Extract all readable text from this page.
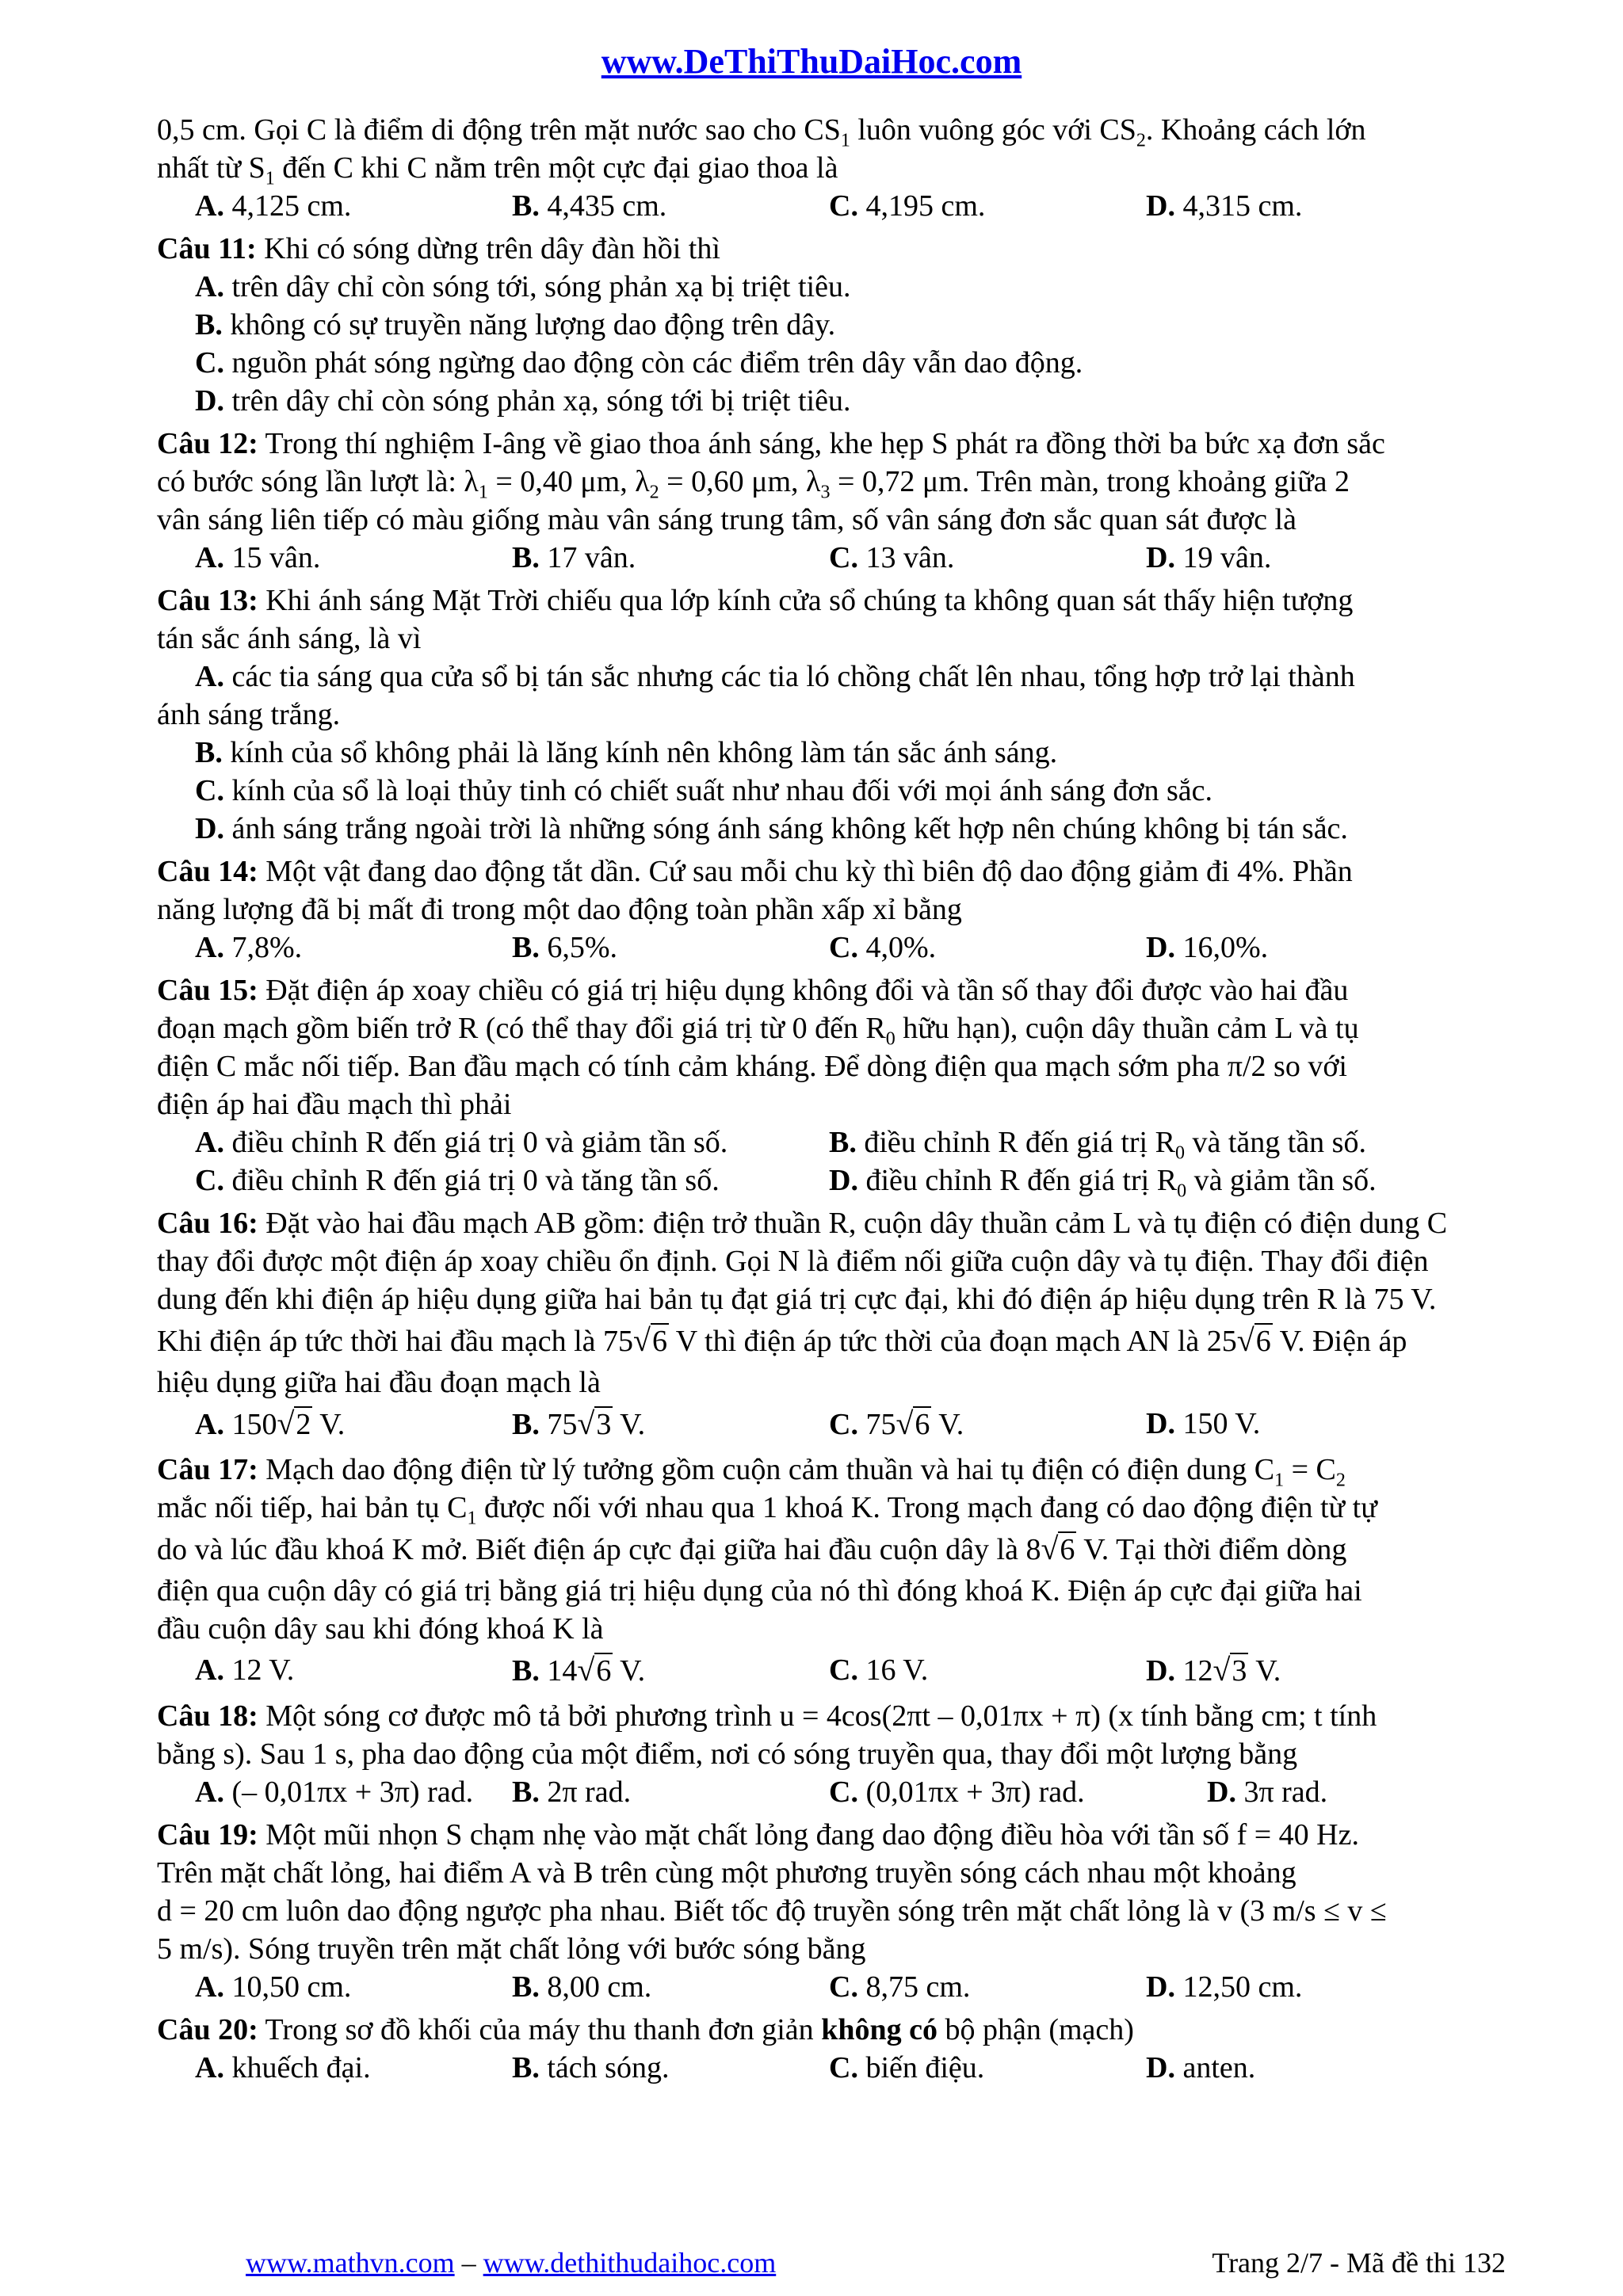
www.DeThiThuDaiHoc.com

0,5 cm. Gọi C là điểm di động trên mặt nước sao cho $CS_1$ luôn vuông góc với $CS_2$. Khoảng cách lớn

nhất từ $S_1$ đến C khi C nằm trên một cực đại giao thoa là

A. 4,125 cm.	B. 4,435 cm.	C. 4,195 cm.	D. 4,315 cm.

Câu 11: Khi có sóng dừng trên dây đàn hồi thì

A. trên dây chỉ còn sóng tới, sóng phản xạ bị triệt tiêu.
B. không có sự truyền năng lượng dao động trên dây.
C. nguồn phát sóng ngừng dao động còn các điểm trên dây vẫn dao động.
D. trên dây chỉ còn sóng phản xạ, sóng tới bị triệt tiêu.

Câu 12: Trong thí nghiệm I-âng về giao thoa ánh sáng, khe hẹp S phát ra đồng thời ba bức xạ đơn sắc

có bước sóng lần lượt là: $\lambda_1 = 0,40$ μm, $\lambda_2 = 0,60$ μm, $\lambda_3 = 0,72$ μm. Trên màn, trong khoảng giữa 2

vân sáng liên tiếp có màu giống màu vân sáng trung tâm, số vân sáng đơn sắc quan sát được là

A. 15 vân.	B. 17 vân.	C. 13 vân.	D. 19 vân.

Câu 13: Khi ánh sáng Mặt Trời chiếu qua lớp kính cửa sổ chúng ta không quan sát thấy hiện tượng

tán sắc ánh sáng, là vì

A. các tia sáng qua cửa sổ bị tán sắc nhưng các tia ló chồng chất lên nhau, tổng hợp trở lại thành

ánh sáng trắng.

B. kính của sổ không phải là lăng kính nên không làm tán sắc ánh sáng.
C. kính của sổ là loại thủy tinh có chiết suất như nhau đối với mọi ánh sáng đơn sắc.
D. ánh sáng trắng ngoài trời là những sóng ánh sáng không kết hợp nên chúng không bị tán sắc.

Câu 14: Một vật đang dao động tắt dần. Cứ sau mỗi chu kỳ thì biên độ dao động giảm đi 4%. Phần

năng lượng đã bị mất đi trong một dao động toàn phần xấp xỉ bằng

A. 7,8%.	B. 6,5%.	C. 4,0%.	D. 16,0%.

Câu 15: Đặt điện áp xoay chiều có giá trị hiệu dụng không đổi và tần số thay đổi được vào hai đầu

đoạn mạch gồm biến trở R (có thể thay đổi giá trị từ 0 đến $R_0$ hữu hạn), cuộn dây thuần cảm L và tụ

điện C mắc nối tiếp. Ban đầu mạch có tính cảm kháng. Để dòng điện qua mạch sớm pha π/2 so với

điện áp hai đầu mạch thì phải

A. điều chỉnh R đến giá trị 0 và giảm tần số.	B. điều chỉnh R đến giá trị $R_0$ và tăng tần số.
C. điều chỉnh R đến giá trị 0 và tăng tần số.	D. điều chỉnh R đến giá trị $R_0$ và giảm tần số.

Câu 16: Đặt vào hai đầu mạch AB gồm: điện trở thuần R, cuộn dây thuần cảm L và tụ điện có điện dung C

thay đổi được một điện áp xoay chiều ổn định. Gọi N là điểm nối giữa cuộn dây và tụ điện. Thay đổi điện

dung đến khi điện áp hiệu dụng giữa hai bản tụ đạt giá trị cực đại, khi đó điện áp hiệu dụng trên R là 75 V.

Khi điện áp tức thời hai đầu mạch là 75√6 V thì điện áp tức thời của đoạn mạch AN là 25√6 V. Điện áp

hiệu dụng giữa hai đầu đoạn mạch là

A. 150√2 V.	B. 75√3 V.	C. 75√6 V.	D. 150 V.

Câu 17: Mạch dao động điện từ lý tưởng gồm cuộn cảm thuần và hai tụ điện có điện dung $C_1 = C_2$

mắc nối tiếp, hai bản tụ $C_1$ được nối với nhau qua 1 khoá K. Trong mạch đang có dao động điện từ tự

do và lúc đầu khoá K mở. Biết điện áp cực đại giữa hai đầu cuộn dây là 8√6 V. Tại thời điểm dòng

điện qua cuộn dây có giá trị bằng giá trị hiệu dụng của nó thì đóng khoá K. Điện áp cực đại giữa hai

đầu cuộn dây sau khi đóng khoá K là

A. 12 V.	B. 14√6 V.	C. 16 V.	D. 12√3 V.

Câu 18: Một sóng cơ được mô tả bởi phương trình u = 4cos(2πt – 0,01πx + π) (x tính bằng cm; t tính

bằng s). Sau 1 s, pha dao động của một điểm, nơi có sóng truyền qua, thay đổi một lượng bằng

A. (– 0,01πx + 3π) rad. B. 2π rad.	C. (0,01πx + 3π) rad.	D. 3π rad.

Câu 19: Một mũi nhọn S chạm nhẹ vào mặt chất lỏng đang dao động điều hòa với tần số f = 40 Hz.

Trên mặt chất lỏng, hai điểm A và B trên cùng một phương truyền sóng cách nhau một khoảng

d = 20 cm luôn dao động ngược pha nhau. Biết tốc độ truyền sóng trên mặt chất lỏng là v (3 m/s ≤ v ≤

5 m/s). Sóng truyền trên mặt chất lỏng với bước sóng bằng

A. 10,50 cm.	B. 8,00 cm.	C. 8,75 cm.	D. 12,50 cm.

Câu 20: Trong sơ đồ khối của máy thu thanh đơn giản không có bộ phận (mạch)

A. khuếch đại.	B. tách sóng.	C. biến điệu.	D. anten.
www.mathvn.com – www.dethithudaihoc.com	Trang 2/7 - Mã đề thi 132
